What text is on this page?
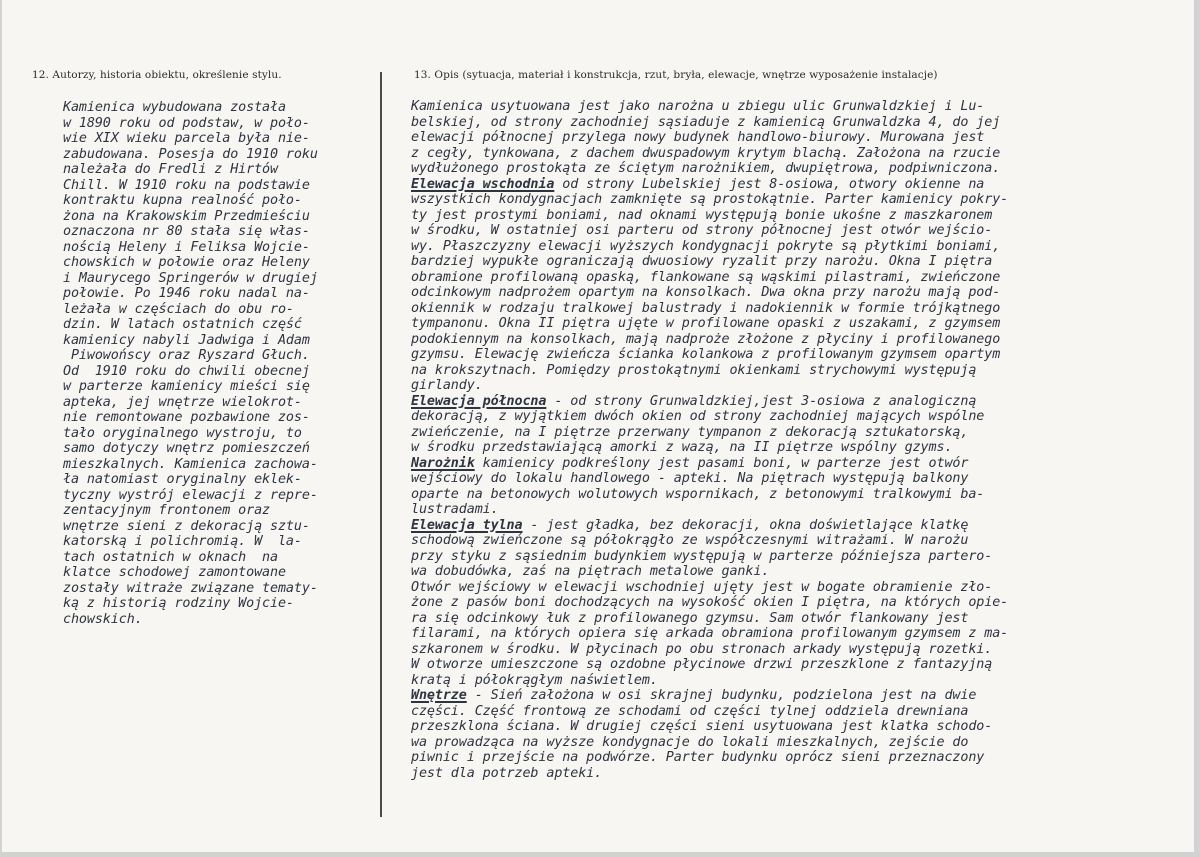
12. Autorzy, historia obiektu, określenie stylu.	13. Opis (sytuacja, materiał i konstrukcja, rzut, bryła, elewacje, wnętrze wyposażenie instalacje)
Kamienica wybudowana została
w 1890 roku od podstaw, w poło-
wie XIX wieku parcela była nie-
zabudowana. Posesja do 1910 roku
należała do Fredli z Hirtów
Chill. W 1910 roku na podstawie
kontraktu kupna realność poło-
żona na Krakowskim Przedmieściu
oznaczona nr 80 stała się włas-
nością Heleny i Feliksa Wojcie-
chowskich w połowie oraz Heleny
i Maurycego Springerów w drugiej
połowie. Po 1946 roku nadal na-
leżała w częściach do obu ro-
dzin. W latach ostatnich część
kamienicy nabyli Jadwiga i Adam
Piwowońscy oraz Ryszard Głuch.
Od  1910 roku do chwili obecnej
w parterze kamienicy mieści się
apteka, jej wnętrze wielokrot-
nie remontowane pozbawione zos-
tało oryginalnego wystroju, to
samo dotyczy wnętrz pomieszczeń
mieszkalnych. Kamienica zachowa-
ła natomiast oryginalny eklek-
tyczny wystrój elewacji z repre-
zentacyjnym frontonem oraz
wnętrze sieni z dekoracją sztu-
katorską i polichromią. W  la-
tach ostatnich w oknach  na
klatce schodowej zamontowane
zostały witraże związane tematy-
ką z historią rodziny Wojcie-
chowskich.
Kamienica usytuowana jest jako narożna u zbiegu ulic Grunwaldzkiej i Lu-
belskiej, od strony zachodniej sąsiaduje z kamienicą Grunwaldzka 4, do jej
elewacji północnej przylega nowy budynek handlowo-biurowy. Murowana jest
z cegły, tynkowana, z dachem dwuspadowym krytym blachą. Założona na rzucie
wydłużonego prostokąta ze ściętym narożnikiem, dwupiętrowa, podpiwniczona.
Elewacja wschodnia od strony Lubelskiej jest 8-osiowa, otwory okienne na
wszystkich kondygnacjach zamknięte są prostokątnie. Parter kamienicy pokry-
ty jest prostymi boniami, nad oknami występują bonie ukośne z maszkaronem
w środku, W ostatniej osi parteru od strony północnej jest otwór wejścio-
wy. Płaszczyzny elewacji wyższych kondygnacji pokryte są płytkimi boniami,
bardziej wypukłe ograniczają dwuosiowy ryzalit przy narożu. Okna I piętra
obramione profilowaną opaską, flankowane są wąskimi pilastrami, zwieńczone
odcinkowym nadprożem opartym na konsolkach. Dwa okna przy narożu mają pod-
okiennik w rodzaju tralkowej balustrady i nadokiennik w formie trójkątnego
tympanonu. Okna II piętra ujęte w profilowane opaski z uszakami, z gzymsem
podokiennym na konsolkach, mają nadproże złożone z płyciny i profilowanego
gzymsu. Elewację zwieńcza ścianka kolankowa z profilowanym gzymsem opartym
na krokszytnach. Pomiędzy prostokątnymi okienkami strychowymi występują
girlandy.
Elewacja północna - od strony Grunwaldzkiej,jest 3-osiowa z analogiczną
dekoracją, z wyjątkiem dwóch okien od strony zachodniej mających wspólne
zwieńczenie, na I piętrze przerwany tympanon z dekoracją sztukatorską,
w środku przedstawiającą amorki z wazą, na II piętrze wspólny gzyms.
Narożnik kamienicy podkreślony jest pasami boni, w parterze jest otwór
wejściowy do lokalu handlowego - apteki. Na piętrach występują balkony
oparte na betonowych wolutowych wspornikach, z betonowymi tralkowymi ba-
lustradami.
Elewacja tylna - jest gładka, bez dekoracji, okna doświetlające klatkę
schodową zwieńczone są półokrągło ze współczesnymi witrażami. W narożu
przy styku z sąsiednim budynkiem występują w parterze późniejsza partero-
wa dobudówka, zaś na piętrach metalowe ganki.
Otwór wejściowy w elewacji wschodniej ujęty jest w bogate obramienie zło-
żone z pasów boni dochodzących na wysokość okien I piętra, na których opie-
ra się odcinkowy łuk z profilowanego gzymsu. Sam otwór flankowany jest
filarami, na których opiera się arkada obramiona profilowanym gzymsem z ma-
szkaronem w środku. W płycinach po obu stronach arkady występują rozetki.
W otworze umieszczone są ozdobne płycinowe drzwi przeszklone z fantazyjną
kratą i półokrągłym naświetlem.
Wnętrze - Sień założona w osi skrajnej budynku, podzielona jest na dwie
części. Część frontową ze schodami od części tylnej oddziela drewniana
przeszklona ściana. W drugiej części sieni usytuowana jest klatka schodo-
wa prowadząca na wyższe kondygnacje do lokali mieszkalnych, zejście do
piwnic i przejście na podwórze. Parter budynku oprócz sieni przeznaczony
jest dla potrzeb apteki.
